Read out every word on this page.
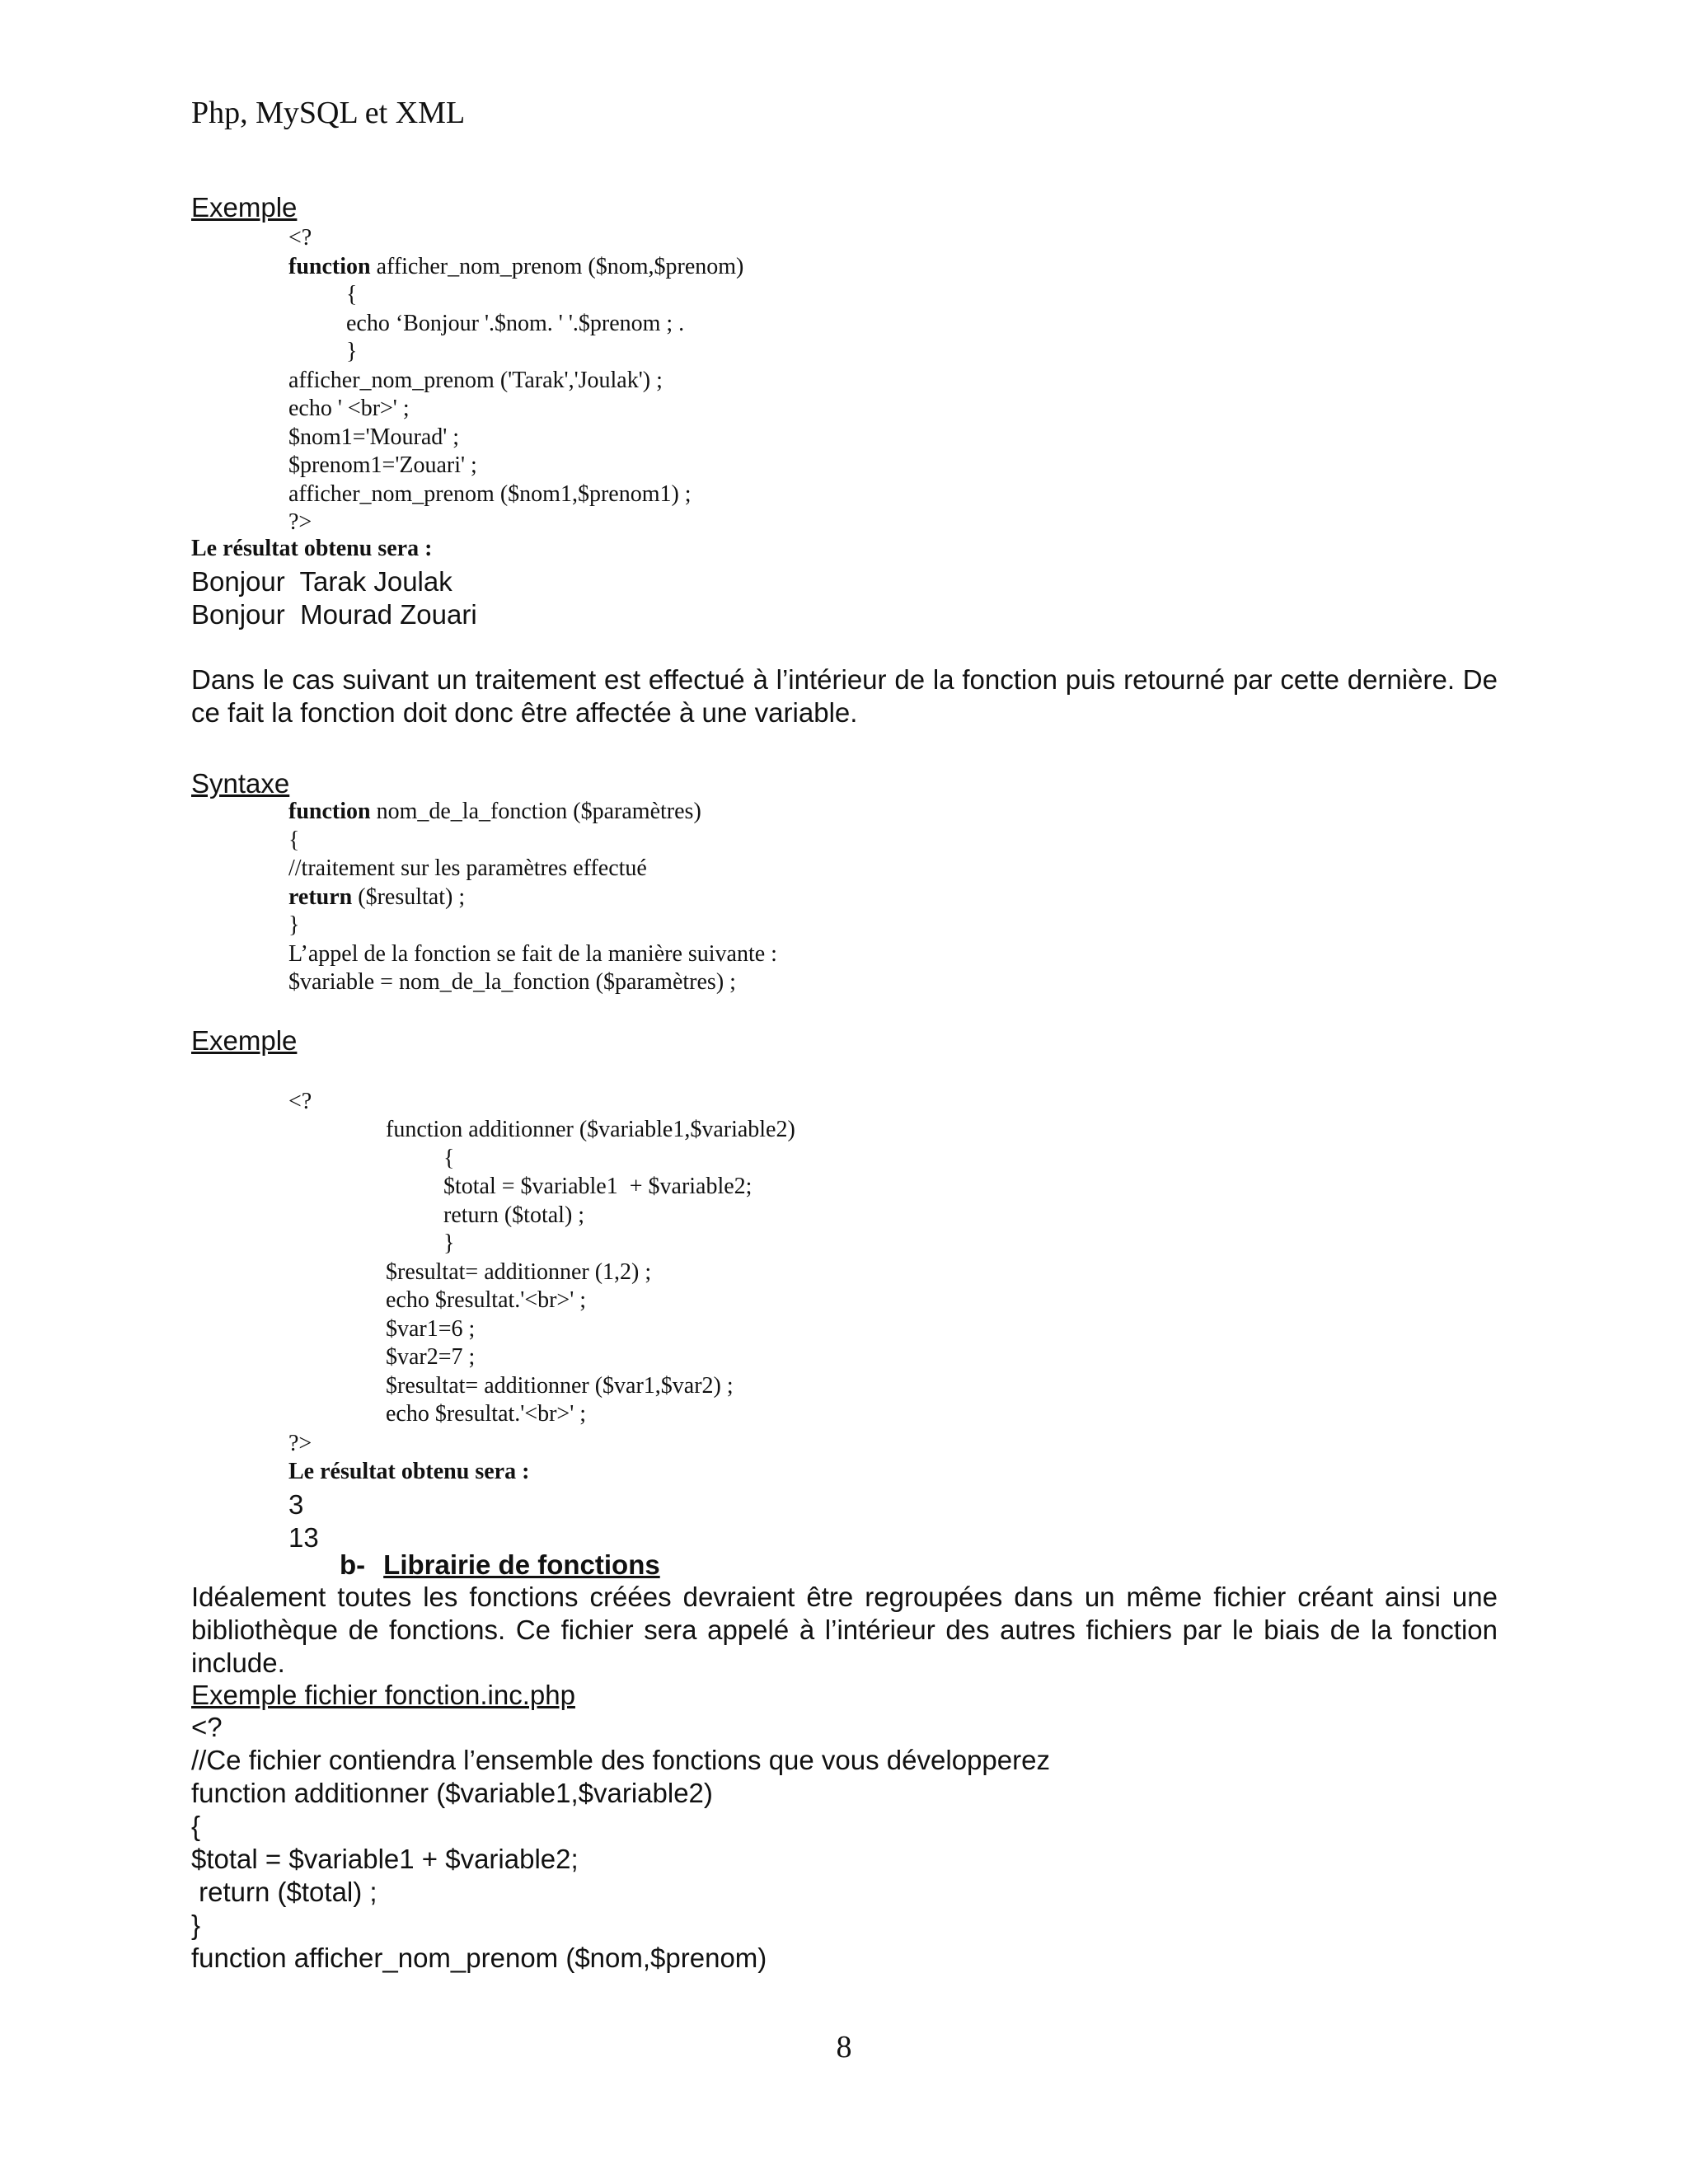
Php, MySQL et XML
Exemple
<?
function afficher_nom_prenom ($nom,$prenom)
{
echo ‘Bonjour '.$nom. ' '.$prenom ; .
}
afficher_nom_prenom ('Tarak','Joulak') ;
echo ' <br>' ;
$nom1='Mourad' ;
$prenom1='Zouari' ;
afficher_nom_prenom ($nom1,$prenom1) ;
?>
Le résultat obtenu sera :
Bonjour  Tarak Joulak
Bonjour  Mourad Zouari

Dans le cas suivant un traitement est effectué à l’intérieur de la fonction puis retourné par cette dernière. De ce fait la fonction doit donc être affectée à une variable.

Syntaxe
function nom_de_la_fonction ($paramètres)
{
//traitement sur les paramètres effectué
return ($resultat) ;
}
L’appel de la fonction se fait de la manière suivante :
$variable = nom_de_la_fonction ($paramètres) ;
Exemple
<?
function additionner ($variable1,$variable2)
{
$total = $variable1  + $variable2;
return ($total) ;
}
$resultat= additionner (1,2) ;
echo $resultat.'<br>' ;
$var1=6 ;
$var2=7 ;
$resultat= additionner ($var1,$var2) ;
echo $resultat.'<br>' ;
?>
Le résultat obtenu sera :
3
13
b- Librairie de fonctions

Idéalement toutes les fonctions créées devraient être regroupées dans un même fichier créant ainsi une bibliothèque de fonctions. Ce fichier sera appelé à l’intérieur des autres fichiers par le biais de la fonction include.

Exemple fichier fonction.inc.php
<?
//Ce fichier contiendra l’ensemble des fonctions que vous développerez
function additionner ($variable1,$variable2)
{
$total = $variable1 + $variable2;
return ($total) ;
}
function afficher_nom_prenom ($nom,$prenom)
8
